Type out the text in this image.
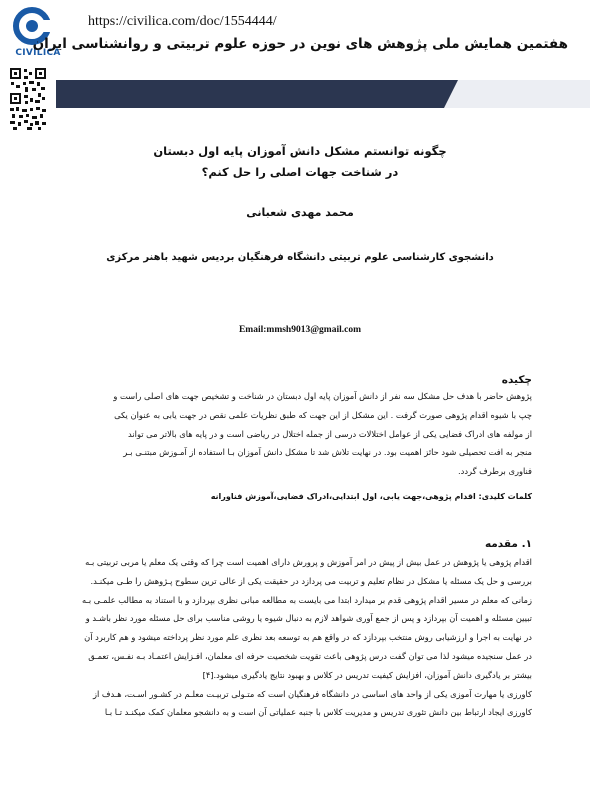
CIVILICA
https://civilica.com/doc/1554444/
هفتمین همایش ملی پژوهش های نوین در حوزه علوم تربیتی و روانشناسی ایران
چگونه توانستم مشکل دانش آموزان پایه اول دبستان
در شناخت جهات اصلی را حل کنم؟
محمد مهدی شعبانی
دانشجوی کارشناسی علوم تربیتی دانشگاه فرهنگیان بردیس شهید باهنر مرکزی
Email:mmsh9013@gmail.com
چکیده
پژوهش حاضر با هدف حل مشکل سه نفر از دانش آموزان پایه اول دبستان در شناخت و تشخیص جهت های اصلی راست و
چپ با شیوه اقدام پژوهی صورت گرفت . این مشکل از این جهت که طبق نظریات علمی نقص در جهت یابی به عنوان یکی
از مولفه های ادراک فضایی یکی از عوامل اختلالات درسی از جمله اختلال در ریاضی است و در پایه های بالاتر می تواند
منجر به افت تحصیلی شود حائز اهمیت بود. در نهایت تلاش شد تا مشکل دانش آموزان بـا استفاده از آمـوزش مبتنـی بـر
فناوری برطرف گردد.
کلمات کلیدی: اقدام پژوهی،جهت یابی، اول ابتدایی،ادراک فضایی،آموزش فناورانه
۱. مقدمه
اقدام پژوهی یا پژوهش در عمل بیش از پیش در امر آموزش و پرورش دارای اهمیت است چرا که وقتی یک معلم یا مربی تربیتی بـه
بررسی و حل یک مسئله یا مشکل در نظام تعلیم و تربیت می پردازد در حقیقت یکی از عالی ترین سطوح پـژوهش را طـی میکنـد.
زمانی که معلم در مسیر اقدام پژوهی قدم بر میدارد ابتدا می بایست به مطالعه مبانی نظری بپردازد و با استناد به مطالب علمـی بـه
تبیین مسئله و اهمیت آن بپردازد و پس از جمع آوری شواهد لازم به دنبال شیوه یا روشی مناسب برای حل مسئله مورد نظر باشـد و
در نهایت به اجرا و ارزشیابی روش منتخب بپردازد که در واقع هم به توسعه بعد نظری علم مورد نظر پرداخته میشود و هم کاربرد آن
در عمل سنجیده میشود لذا می توان گفت درس پژوهی باعث تقویت شخصیت حرفه ای معلمان، افـزایش اعتمـاد بـه نفـس، تعمـق
بیشتر بر یادگیری دانش آموزان، افزایش کیفیت تدریس در کلاس و بهبود نتایج یادگیری میشود.[۴]
کاورزی یا مهارت آموزی یکی از واحد های اساسی در دانشگاه فرهنگیان است که متـولی تربیـت معلـم در کشـور اسـت، هـدف از
کاورزی ایجاد ارتباط بین دانش تئوری تدریس و مدیریت کلاس با جنبه عملیاتی آن است و به دانشجو معلمان کمک میکنـد تـا بـا
